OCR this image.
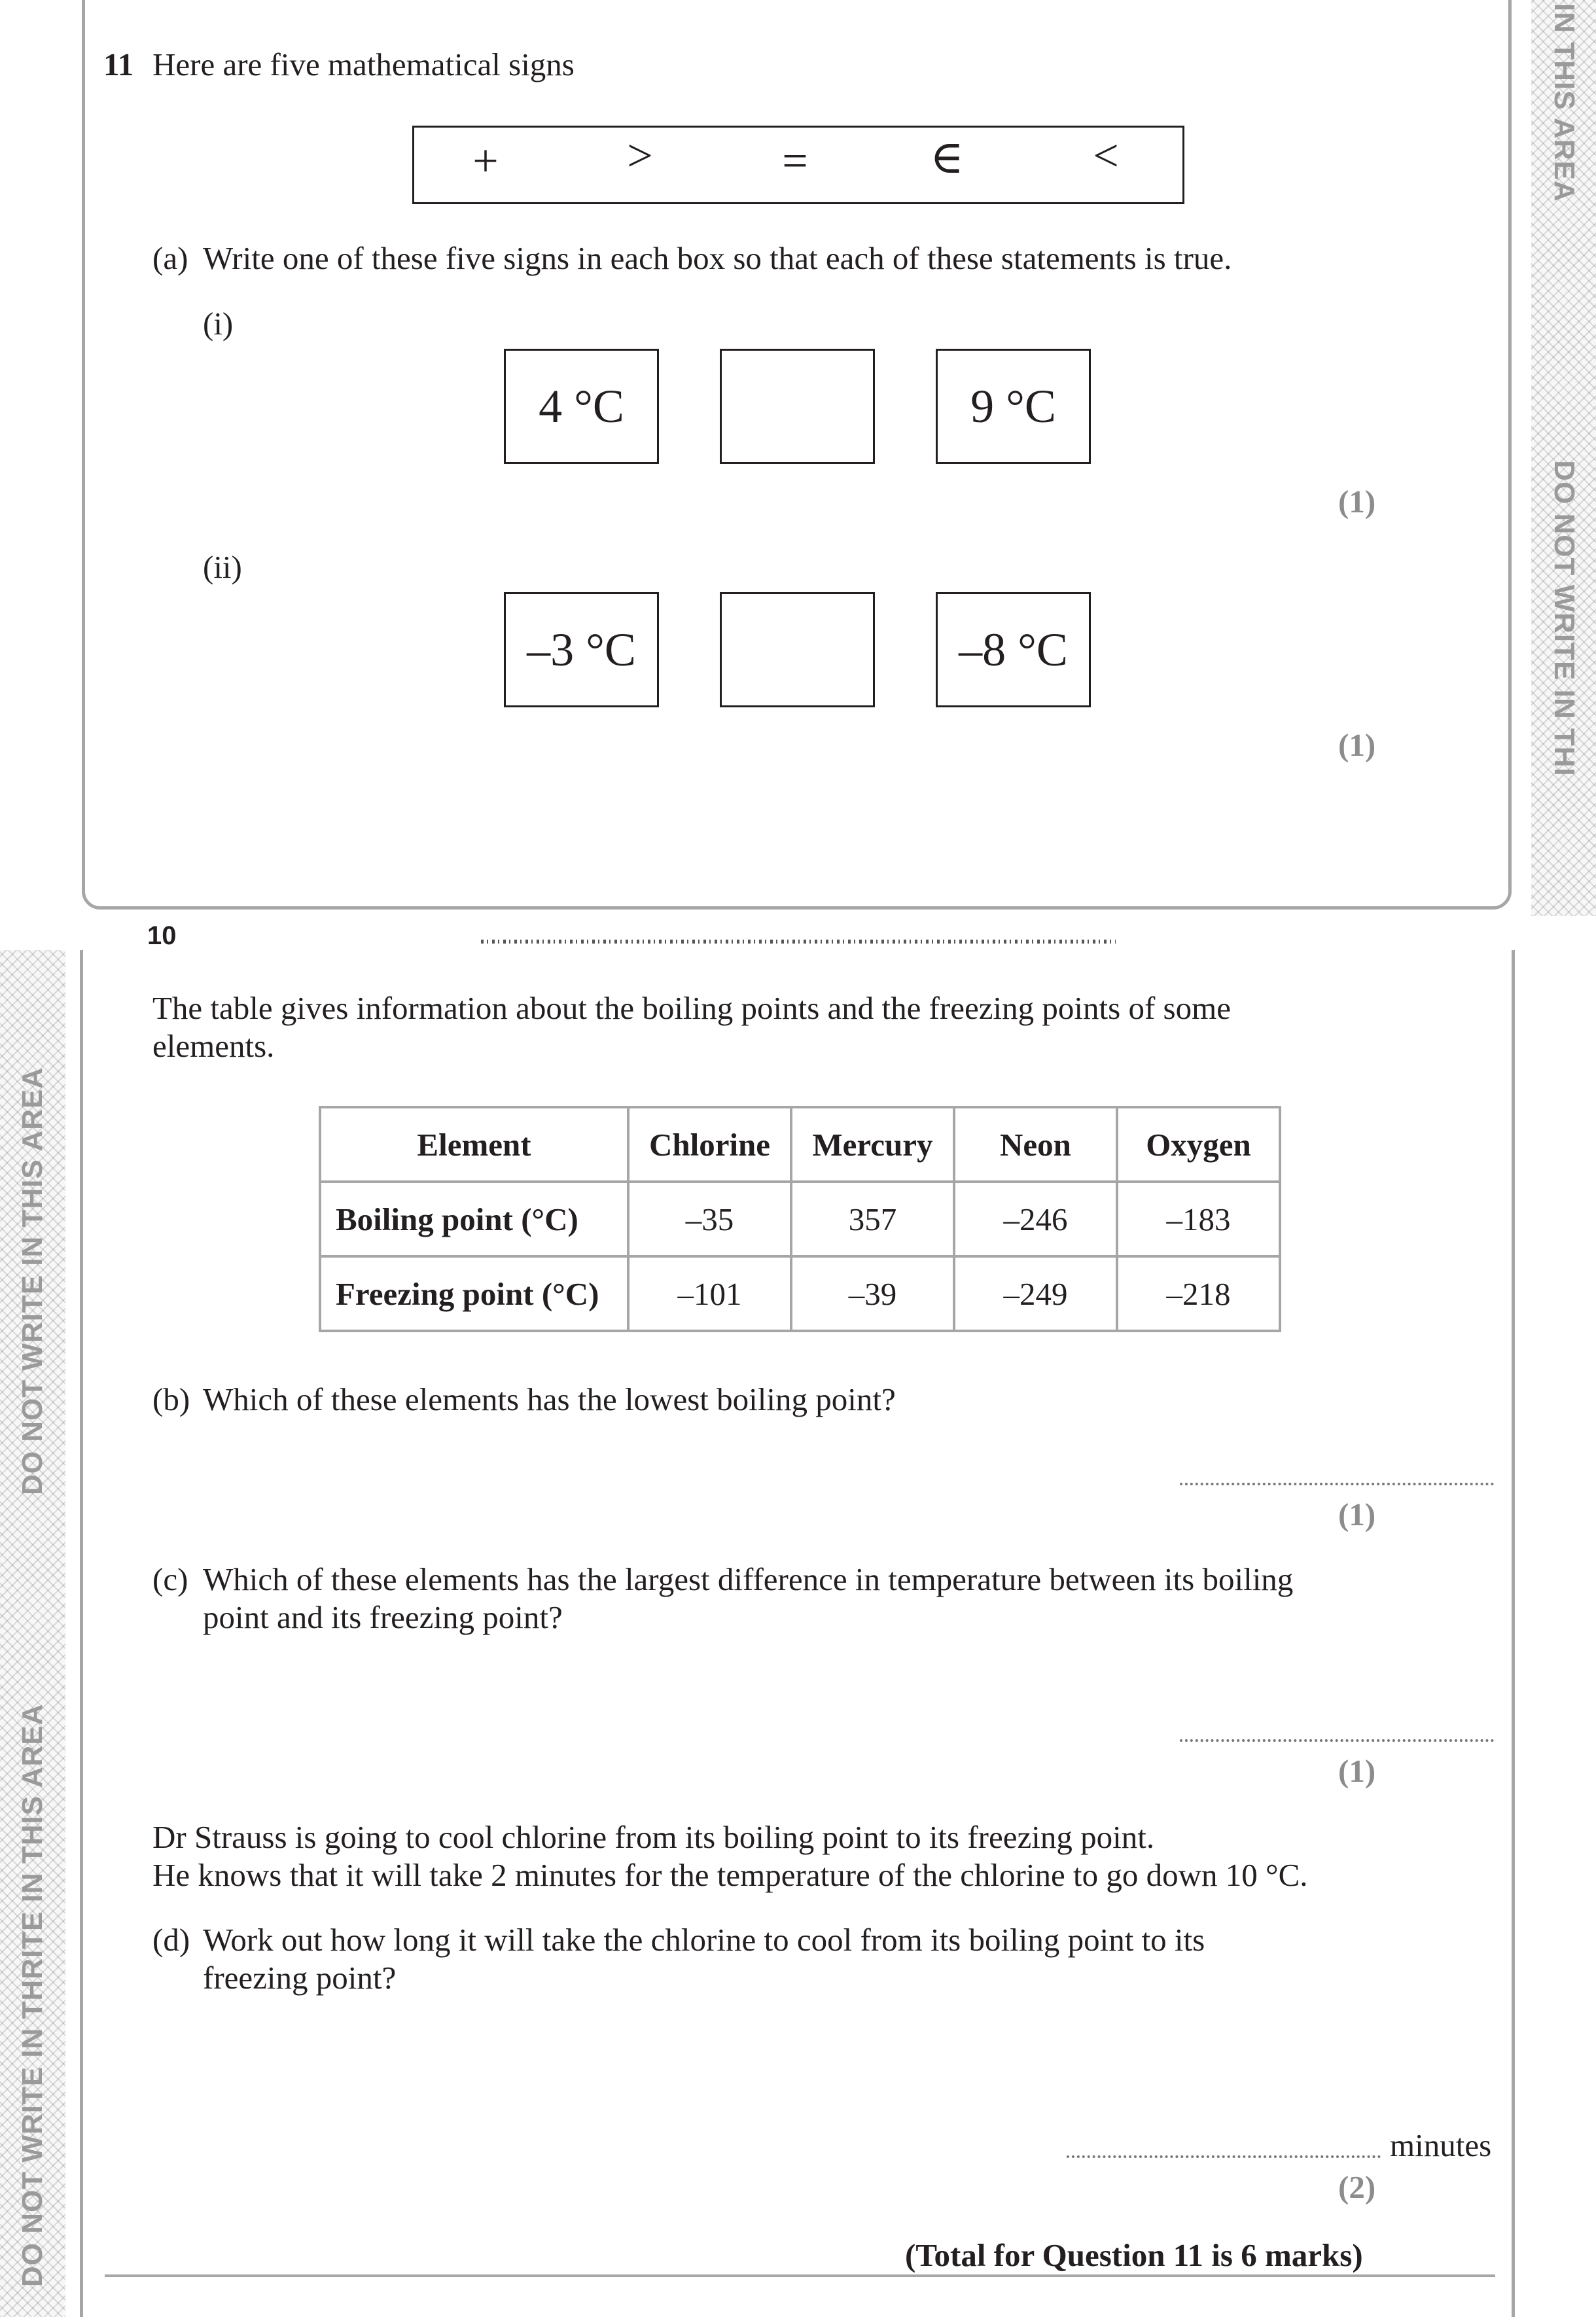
IN THIS AREA
DO NOT WRITE IN THI
DO NOT WRITE IN THIS AREA
DO NOT WRITE IN THRITE IN THIS AREA
10
11 Here are five mathematical signs
+	>	=	∈	<
(a) Write one of these five signs in each box so that each of these statements is true.
(i)
4 °C	9 °C
(1)
(ii)
–3 °C	–8 °C
(1)
The table gives information about the boiling points and the freezing points of some
elements.
Element	Chlorine	Mercury	Neon	Oxygen
Boiling point (°C)	–35	357	–246	–183
Freezing point (°C)	–101	–39	–249	–218
(b) Which of these elements has the lowest boiling point?
(1)
(c) Which of these elements has the largest difference in temperature between its boiling
point and its freezing point?
(1)
Dr Strauss is going to cool chlorine from its boiling point to its freezing point.
He knows that it will take 2 minutes for the temperature of the chlorine to go down 10 °C.
(d) Work out how long it will take the chlorine to cool from its boiling point to its
freezing point?
minutes
(2)
(Total for Question 11 is 6 marks)
